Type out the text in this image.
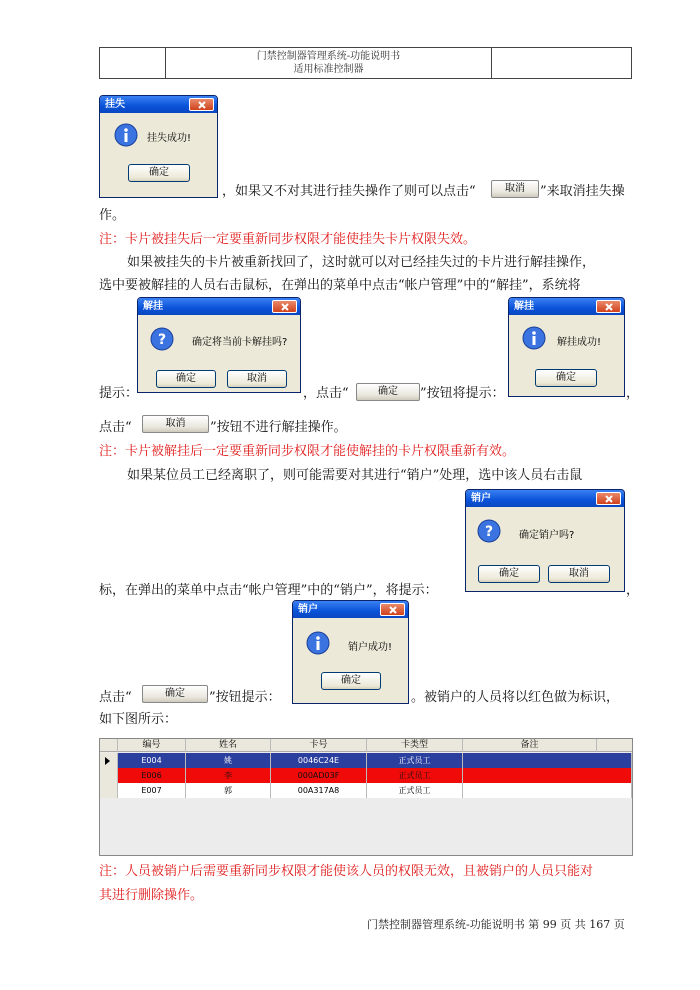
门禁控制器管理系统-功能说明书
适用标准控制器

挂失
挂失成功!
确定
，如果又不对其进行挂失操作了则可以点击“	取消	”来取消挂失操
作。
注：卡片被挂失后一定要重新同步权限才能使挂失卡片权限失效。
如果被挂失的卡片被重新找回了，这时就可以对已经挂失过的卡片进行解挂操作，
选中要被解挂的人员右击鼠标，在弹出的菜单中点击“帐户管理”中的“解挂”，系统将
解挂
?	确定将当前卡解挂吗?
确定	取消
提示：	，点击“	确定	”按钮将提示：
解挂
解挂成功!
确定
，
点击“	取消	”按钮不进行解挂操作。
注：卡片被解挂后一定要重新同步权限才能使解挂的卡片权限重新有效。
如果某位员工已经离职了，则可能需要对其进行“销户”处理，选中该人员右击鼠
销户
?	确定销户吗?
确定	取消
标，在弹出的菜单中点击“帐户管理”中的“销户”，将提示：	，
销户
销户成功!
确定
点击“	确定	”按钮提示：	。被销户的人员将以红色做为标识，
如下图所示：
编号	姓名	卡号	卡类型	备注
E004	姚	0046C24E	正式员工
E006	李	000AD03F	正式员工
E007	郭	00A317A8	正式员工
注：人员被销户后需要重新同步权限才能使该人员的权限无效，且被销户的人员只能对
其进行删除操作。
门禁控制器管理系统-功能说明书 第 99 页 共 167 页
